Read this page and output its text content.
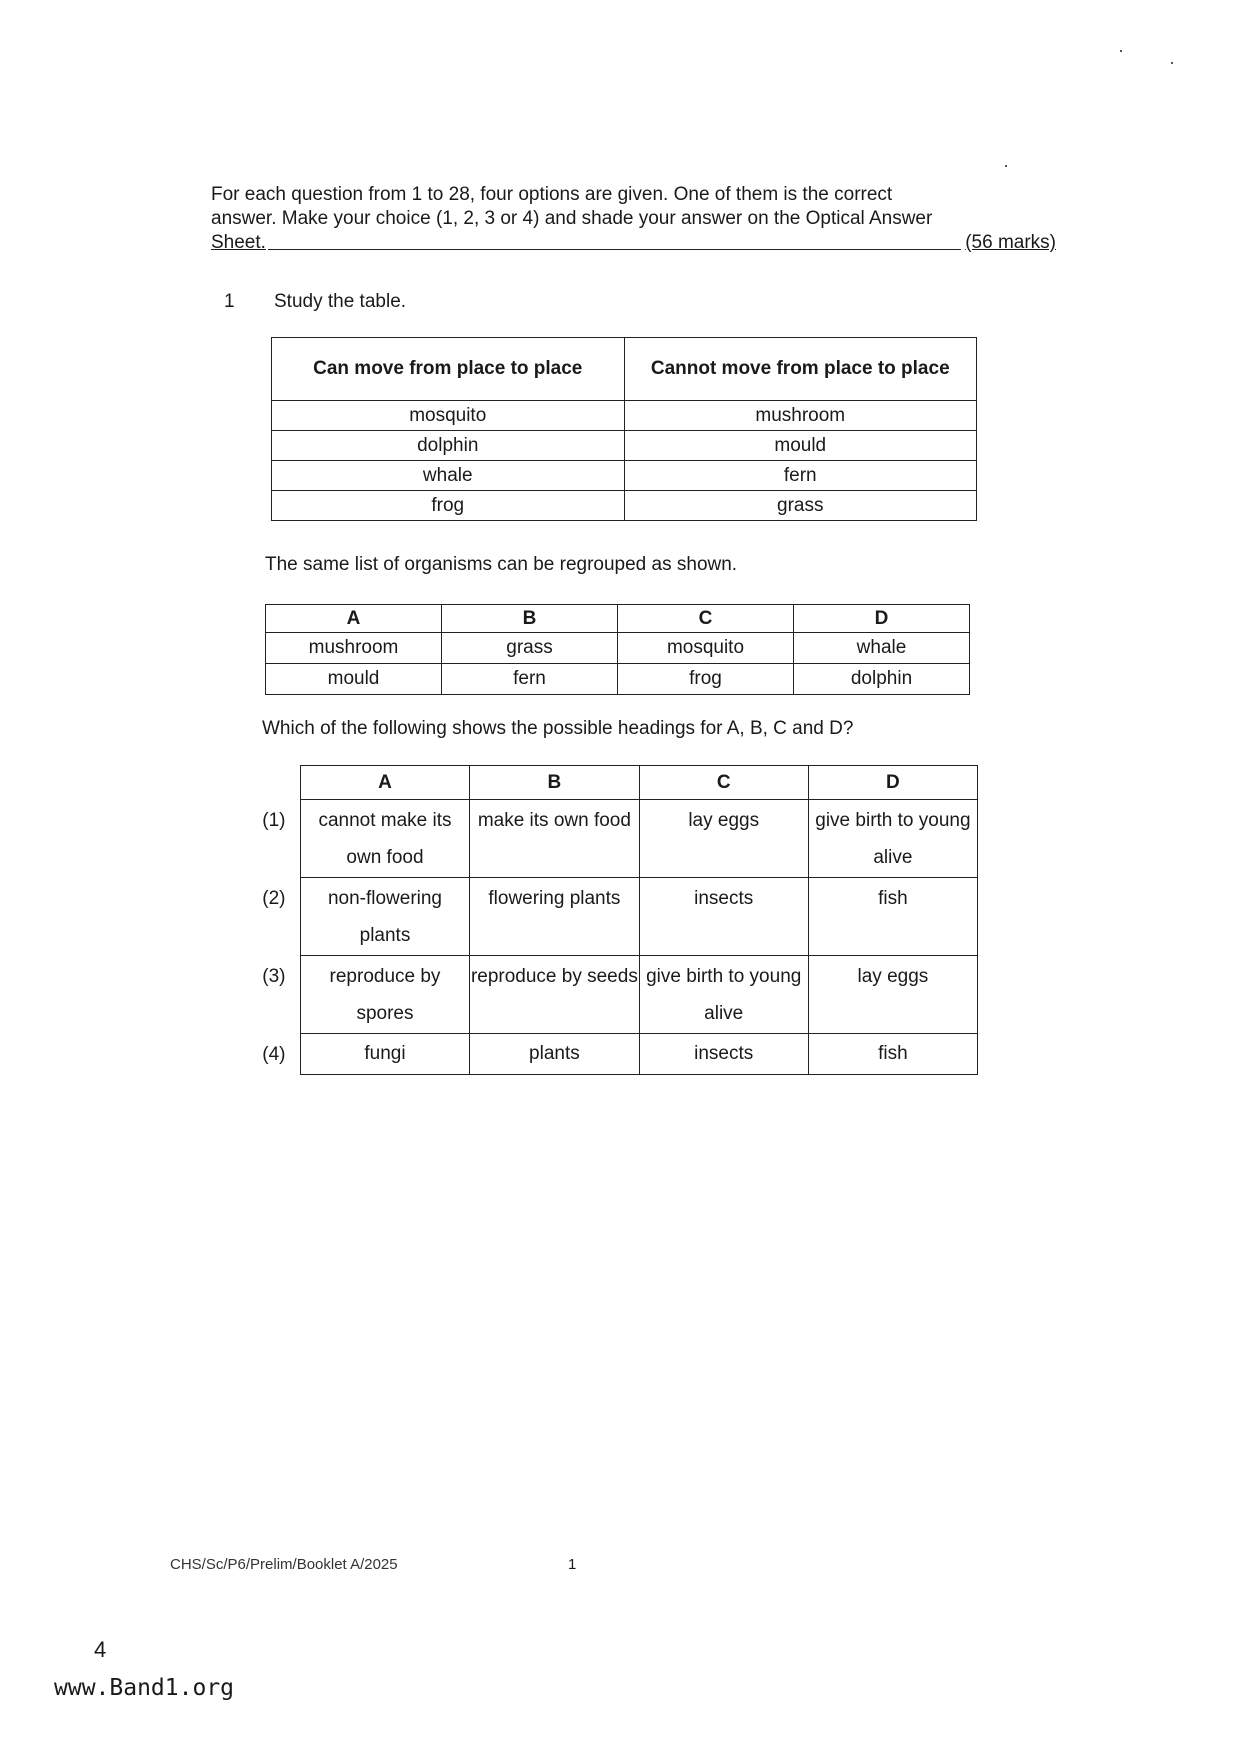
For each question from 1 to 28, four options are given. One of them is the correct
answer. Make your choice (1, 2, 3 or 4) and shade your answer on the Optical Answer
Sheet.	(56 marks)
1 Study the table.
Can move from place to place	Cannot move from place to place
mosquito	mushroom
dolphin	mould
whale	fern
frog	grass
The same list of organisms can be regrouped as shown.
A	B	C	D
mushroom	grass	mosquito	whale
mould	fern	frog	dolphin
Which of the following shows the possible headings for A, B, C and D?
	A	B	C	D
(1)	cannot make its own food	make its own food	lay eggs	give birth to young alive
(2)	non-flowering plants	flowering plants	insects	fish
(3)	reproduce by spores	reproduce by seeds	give birth to young alive	lay eggs
(4)	fungi	plants	insects	fish
CHS/Sc/P6/Prelim/Booklet A/2025	1
4
www.Band1.org
